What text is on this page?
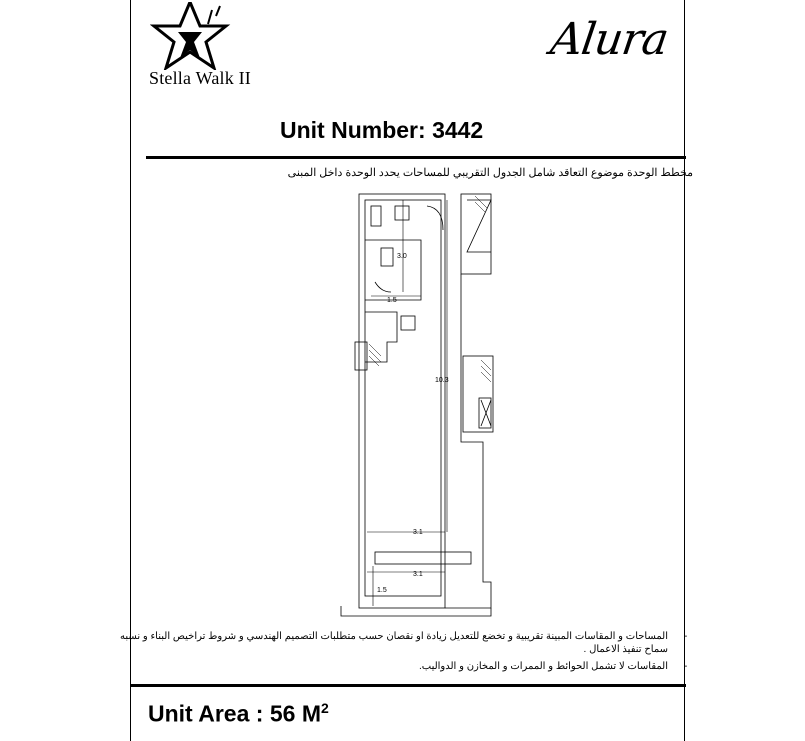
Stella Walk II
Alura
Unit Number: 3442
مخطط الوحدة موضوع التعاقد شامل الجدول التقريبي للمساحات يحدد الوحدة داخل المبنى
3.0
1.5
10.3
3.1
3.1
1.5
-
المساحات و المقاسات المبينة تقريبية و تخضع للتعديل زيادة او نقصان حسب متطلبات التصميم الهندسي و شروط تراخيص البناء و نسبه سماح تنفيذ الاعمال .
-
المقاسات لا تشمل الحوائط و الممرات و المخازن و الدواليب.
Unit Area : 56 $M^2$
